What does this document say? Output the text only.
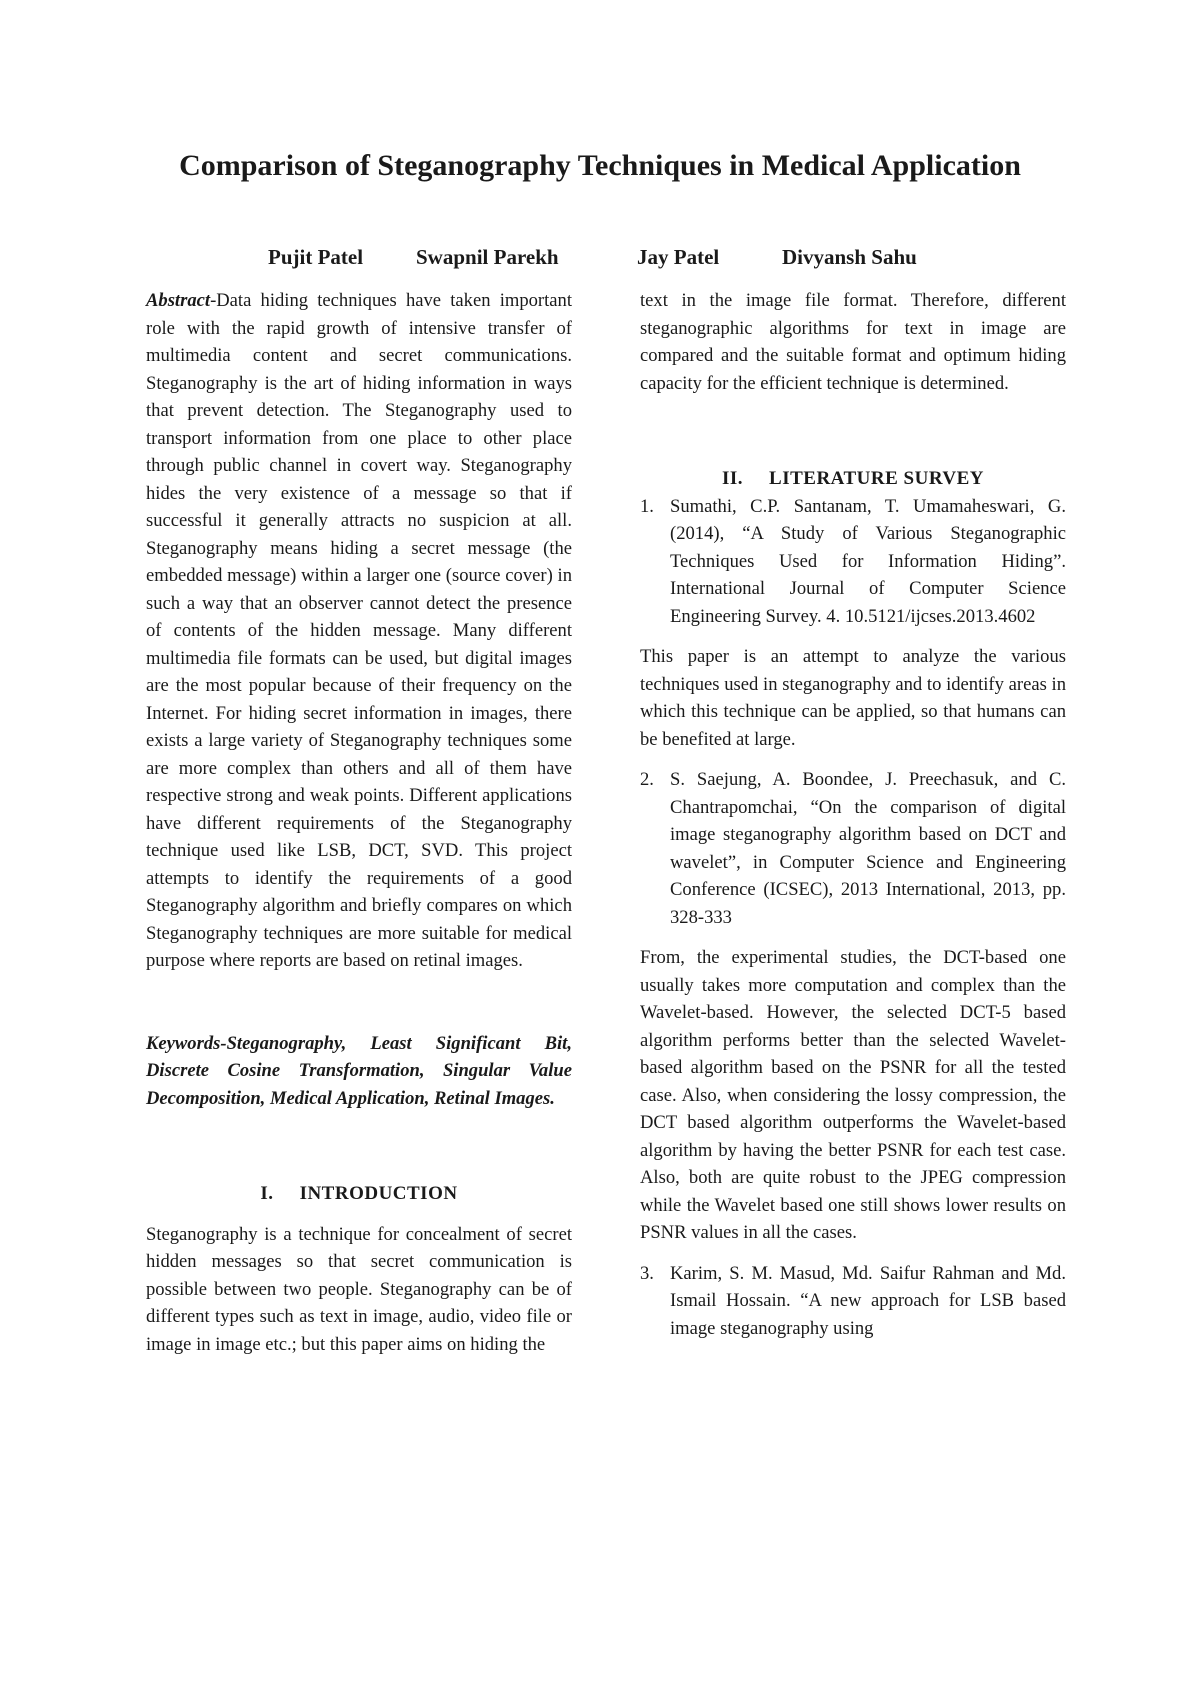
Comparison of Steganography Techniques in Medical Application
Pujit Patel	Swapnil Parekh	Jay Patel	Divyansh Sahu

Abstract-Data hiding techniques have taken important role with the rapid growth of intensive transfer of multimedia content and secret communications. Steganography is the art of hiding information in ways that prevent detection. The Steganography used to transport information from one place to other place through public channel in covert way. Steganography hides the very existence of a message so that if successful it generally attracts no suspicion at all. Steganography means hiding a secret message (the embedded message) within a larger one (source cover) in such a way that an observer cannot detect the presence of contents of the hidden message. Many different multimedia file formats can be used, but digital images are the most popular because of their frequency on the Internet. For hiding secret information in images, there exists a large variety of Steganography techniques some are more complex than others and all of them have respective strong and weak points. Different applications have different requirements of the Steganography technique used like LSB, DCT, SVD. This project attempts to identify the requirements of a good Steganography algorithm and briefly compares on which Steganography techniques are more suitable for medical purpose where reports are based on retinal images.

Keywords-Steganography, Least Significant Bit, Discrete Cosine Transformation, Singular Value Decomposition, Medical Application, Retinal Images.

I. INTRODUCTION

Steganography is a technique for concealment of secret hidden messages so that secret communication is possible between two people. Steganography can be of different types such as text in image, audio, video file or image in image etc.; but this paper aims on hiding the

text in the image file format. Therefore, different steganographic algorithms for text in image are compared and the suitable format and optimum hiding capacity for the efficient technique is determined.

II. LITERATURE SURVEY
1. Sumathi, C.P. Santanam, T. Umamaheswari, G. (2014), “A Study of Various Steganographic Techniques Used for Information Hiding”. International Journal of Computer Science Engineering Survey. 4. 10.5121/ijcses.2013.4602

This paper is an attempt to analyze the various techniques used in steganography and to identify areas in which this technique can be applied, so that humans can be benefited at large.

2. S. Saejung, A. Boondee, J. Preechasuk, and C. Chantrapomchai, “On the comparison of digital image steganography algorithm based on DCT and wavelet”, in Computer Science and Engineering Conference (ICSEC), 2013 International, 2013, pp. 328-333

From, the experimental studies, the DCT-based one usually takes more computation and complex than the Wavelet-based. However, the selected DCT-5 based algorithm performs better than the selected Wavelet-based algorithm based on the PSNR for all the tested case. Also, when considering the lossy compression, the DCT based algorithm outperforms the Wavelet-based algorithm by having the better PSNR for each test case. Also, both are quite robust to the JPEG compression while the Wavelet based one still shows lower results on PSNR values in all the cases.

3. Karim, S. M. Masud, Md. Saifur Rahman and Md. Ismail Hossain. “A new approach for LSB based image steganography using
